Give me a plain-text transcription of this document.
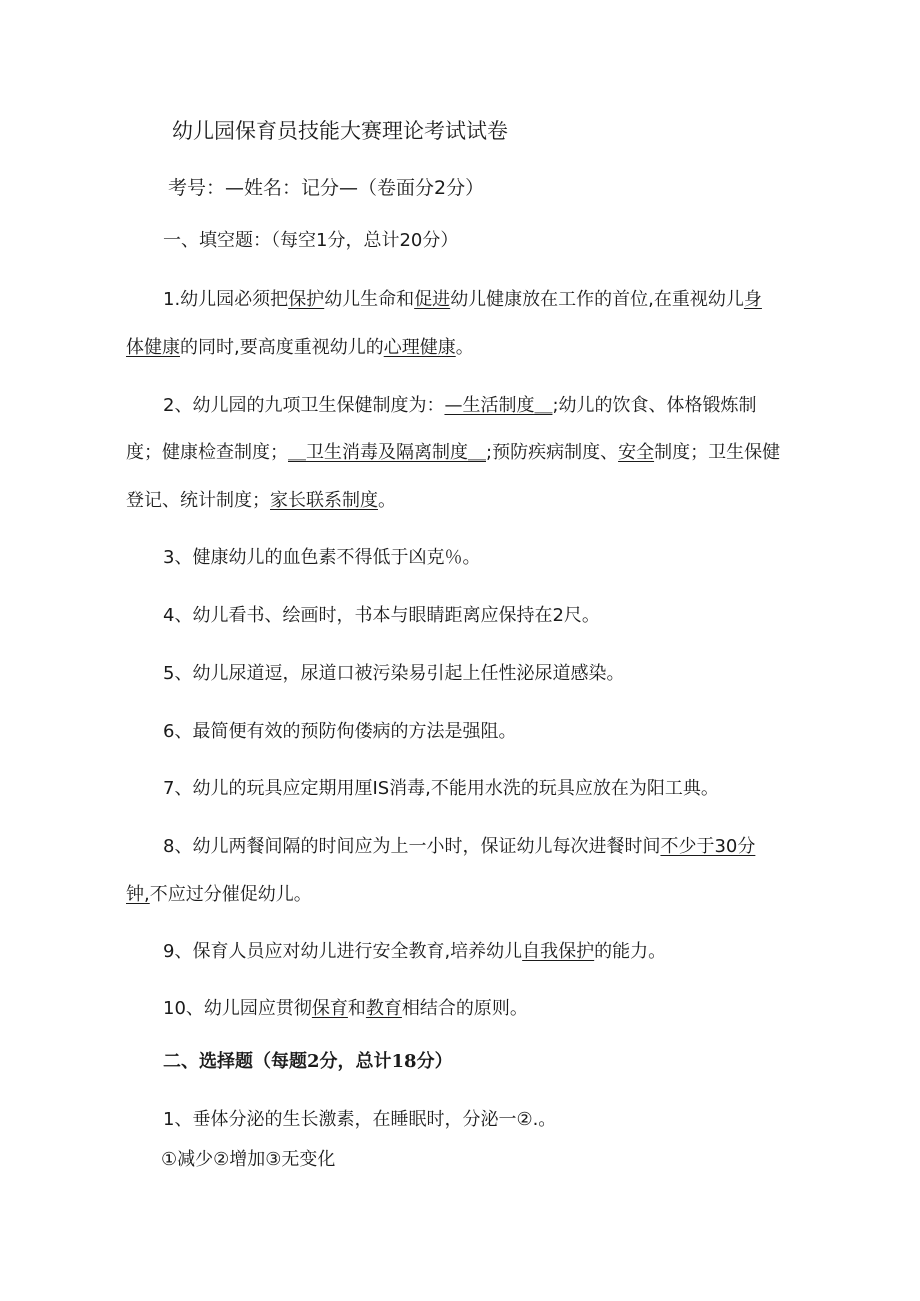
幼儿园保育员技能大赛理论考试试卷
考号：—姓名：记分—（卷面分2分）
一、填空题：（每空1分，总计20分）
1.幼儿园必须把保护幼儿生命和促进幼儿健康放在工作的首位,在重视幼儿身
体健康的同时,要高度重视幼儿的心理健康。
2、幼儿园的九项卫生保健制度为：—生活制度＿;幼儿的饮食、体格锻炼制
度；健康检查制度；＿卫生消毒及隔离制度＿;预防疾病制度、安全制度；卫生保健
登记、统计制度；家长联系制度。
3、健康幼儿的血色素不得低于凶克％。
4、幼儿看书、绘画时，书本与眼睛距离应保持在2尺。
5、幼儿尿道逗，尿道口被污染易引起上任性泌尿道感染。
6、最简便有效的预防佝偻病的方法是强阻。
7、幼儿的玩具应定期用厘IS消毒,不能用水洗的玩具应放在为阳工典。
8、幼儿两餐间隔的时间应为上一小时，保证幼儿每次进餐时间不少于30分
钟,不应过分催促幼儿。
9、保育人员应对幼儿进行安全教育,培养幼儿自我保护的能力。
10、幼儿园应贯彻保育和教育相结合的原则。
二、选择题（每题2分，总计18分）
1、垂体分泌的生长激素，在睡眠时，分泌一②.。
①减少②增加③无变化
